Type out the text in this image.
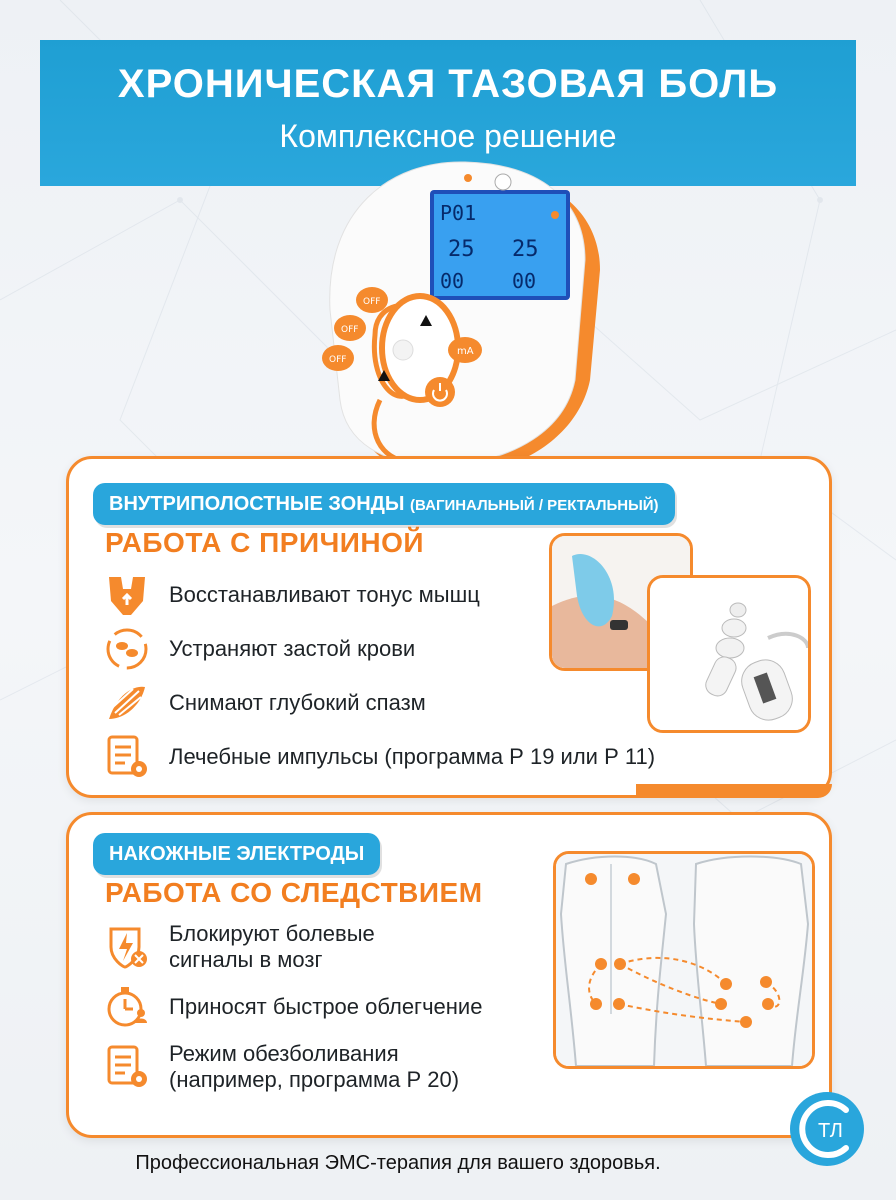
ХРОНИЧЕСКАЯ ТАЗОВАЯ БОЛЬ
Комплексное решение
P01
25 25
00 00
OFF
OFF
OFF
mA
ВНУТРИПОЛОСТНЫЕ ЗОНДЫ (ВАГИНАЛЬНЫЙ / РЕКТАЛЬНЫЙ)
РАБОТА С ПРИЧИНОЙ
Восстанавливают тонус мышц
Устраняют застой крови
Снимают глубокий спазм
Лечебные импульсы (программа Р 19 или Р 11)
НАКОЖНЫЕ ЭЛЕКТРОДЫ
РАБОТА СО СЛЕДСТВИЕМ
Блокируют болевые сигналы в мозг
Приносят быстрое облегчение
Режим обезболивания (например, программа Р 20)
ТЛ
Профессиональная ЭМС-терапия для вашего здоровья.
